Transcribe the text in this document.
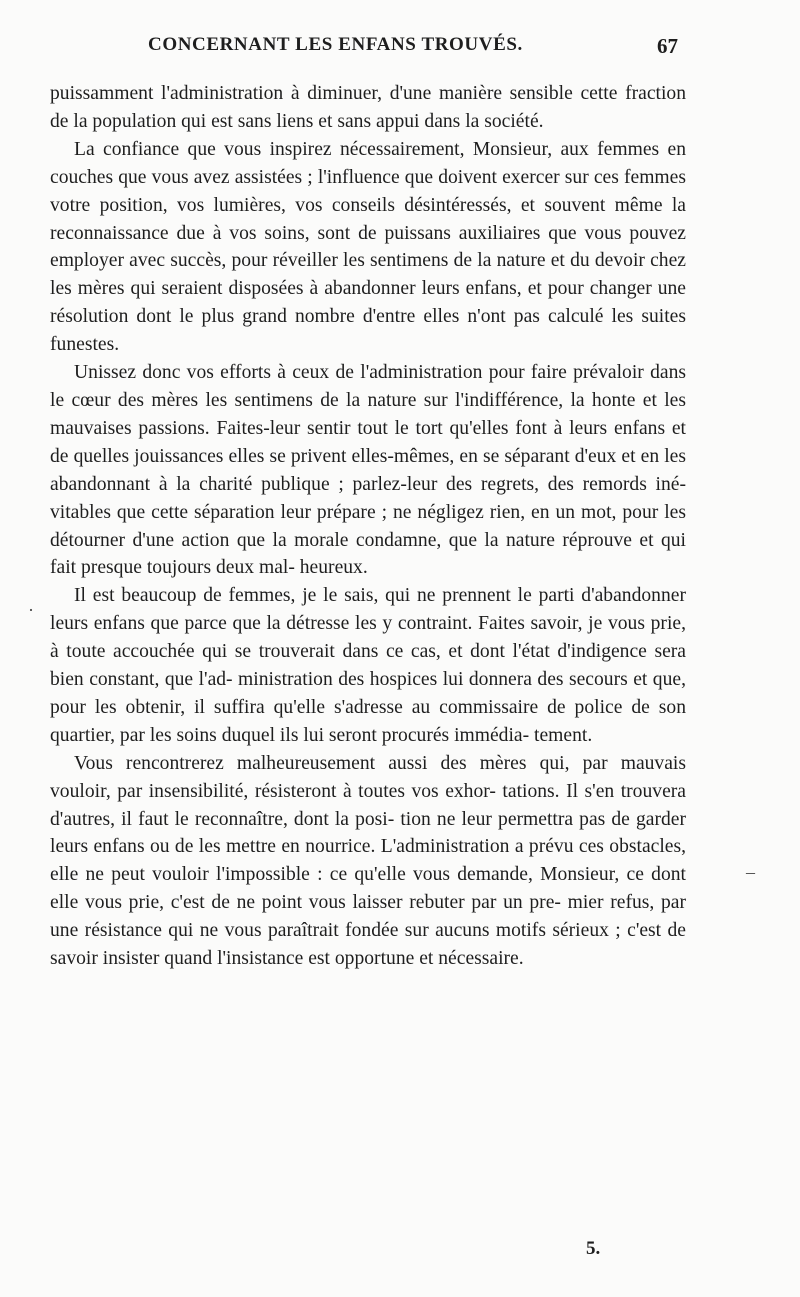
CONCERNANT LES ENFANS TROUVÉS.	67

puissamment l'administration à diminuer, d'une manière sensible cette fraction de la population qui est sans liens et sans appui dans la société.

La confiance que vous inspirez nécessairement, Monsieur, aux femmes en couches que vous avez assistées ; l'influence que doivent exercer sur ces femmes votre position, vos lumières, vos conseils désintéressés, et souvent même la reconnaissance due à vos soins, sont de puissans auxiliaires que vous pouvez employer avec succès, pour réveiller les sentimens de la nature et du devoir chez les mères qui seraient disposées à abandonner leurs enfans, et pour changer une résolution dont le plus grand nombre d'entre elles n'ont pas calculé les suites funestes.

Unissez donc vos efforts à ceux de l'administration pour faire prévaloir dans le cœur des mères les sentimens de la nature sur l'indifférence, la honte et les mauvaises passions. Faites-leur sentir tout le tort qu'elles font à leurs enfans et de quelles jouissances elles se privent elles-mêmes, en se séparant d'eux et en les abandonnant à la charité publique ; parlez-leur des regrets, des remords iné- vitables que cette séparation leur prépare ; ne négligez rien, en un mot, pour les détourner d'une action que la morale condamne, que la nature réprouve et qui fait presque toujours deux mal- heureux.

Il est beaucoup de femmes, je le sais, qui ne prennent le parti d'abandonner leurs enfans que parce que la détresse les y contraint. Faites savoir, je vous prie, à toute accouchée qui se trouverait dans ce cas, et dont l'état d'indigence sera bien constant, que l'ad- ministration des hospices lui donnera des secours et que, pour les obtenir, il suffira qu'elle s'adresse au commissaire de police de son quartier, par les soins duquel ils lui seront procurés immédia- tement.

Vous rencontrerez malheureusement aussi des mères qui, par mauvais vouloir, par insensibilité, résisteront à toutes vos exhor- tations. Il s'en trouvera d'autres, il faut le reconnaître, dont la posi- tion ne leur permettra pas de garder leurs enfans ou de les mettre en nourrice. L'administration a prévu ces obstacles, elle ne peut vouloir l'impossible : ce qu'elle vous demande, Monsieur, ce dont elle vous prie, c'est de ne point vous laisser rebuter par un pre- mier refus, par une résistance qui ne vous paraîtrait fondée sur aucuns motifs sérieux ; c'est de savoir insister quand l'insistance est opportune et nécessaire.

5.
·
–
